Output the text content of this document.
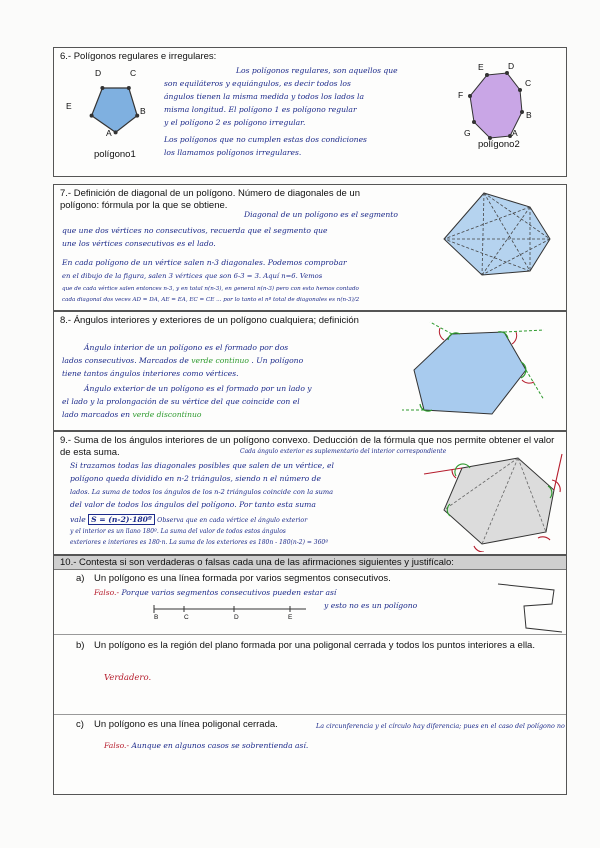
6.- Polígonos regulares e irregulares:
D	C
E	B
A
polígono1
Los polígonos regulares, son aquellos que
son equiláteros y equiángulos, es decir todos los
ángulos tienen la misma medida y todos los lados la
misma longitud. El polígono 1 es polígono regular
y el polígono 2 es polígono irregular.
Los polígonos que no cumplen estas dos condiciones
los llamamos polígonos irregulares.
E	D
C
F
B
G	A
polígono2
7.- Definición de diagonal de un polígono. Número de diagonales de un polígono: fórmula por la que se obtiene.
Diagonal de un polígono es el segmento
que une dos vértices no consecutivos, recuerda que el segmento que
une los vértices consecutivos es el lado.
En cada polígono de un vértice salen n-3 diagonales. Podemos comprobar
en el dibujo de la figura, salen 3 vértices que son 6-3 = 3. Aquí n=6. Vemos
que de cada vértice salen entonces n-3, y en total n(n-3), en general n(n-3) pero con esto hemos contado
cada diagonal dos veces AD = DA, AE = EA, EC = CE ... por lo tanto el nº total de diagonales es n(n-3)/2
8.- Ángulos interiores y exteriores de un polígono cualquiera; definición
Ángulo interior de un polígono es el formado por dos
lados consecutivos. Marcados de verde continuo . Un polígono
tiene tantos ángulos interiores como vértices.
Ángulo exterior de un polígono es el formado por un lado y
el lado y la prolongación de su vértice del que coincide con el
lado marcados en verde discontinuo
9.- Suma de los ángulos interiores de un polígono convexo. Deducción de la fórmula que nos permite obtener el valor de esta suma.	Cada ángulo exterior es suplementario del interior correspondiente
Si trazamos todas las diagonales posibles que salen de un vértice, el
polígono queda dividido en n-2 triángulos, siendo n el número de
lados. La suma de todos los ángulos de los n-2 triángulos coincide con la suma
del valor de todos los ángulos del polígono. Por tanto esta suma
vale S = (n-2)·180º Observa que en cada vértice el ángulo exterior
y el interior es un llano 180º. La suma del valor de todos estos ángulos
exteriores e interiores es 180·n. La suma de los exteriores es 180n - 180(n-2) = 360º
10.- Contesta si son verdaderas o falsas cada una de las afirmaciones siguientes y justifícalo:
a) Un polígono es una línea formada por varios segmentos consecutivos.
Falso.- Porque varios segmentos consecutivos pueden estar así
y esto no es un polígono
B	C	D	E
b) Un polígono es la región del plano formada por una poligonal cerrada y todos los puntos interiores a ella.
Verdadero.
c) Un polígono es una línea poligonal cerrada.	La circunferencia y el círculo hay diferencia; pues en el caso del polígono no
Falso.- Aunque en algunos casos se sobrentienda así.
